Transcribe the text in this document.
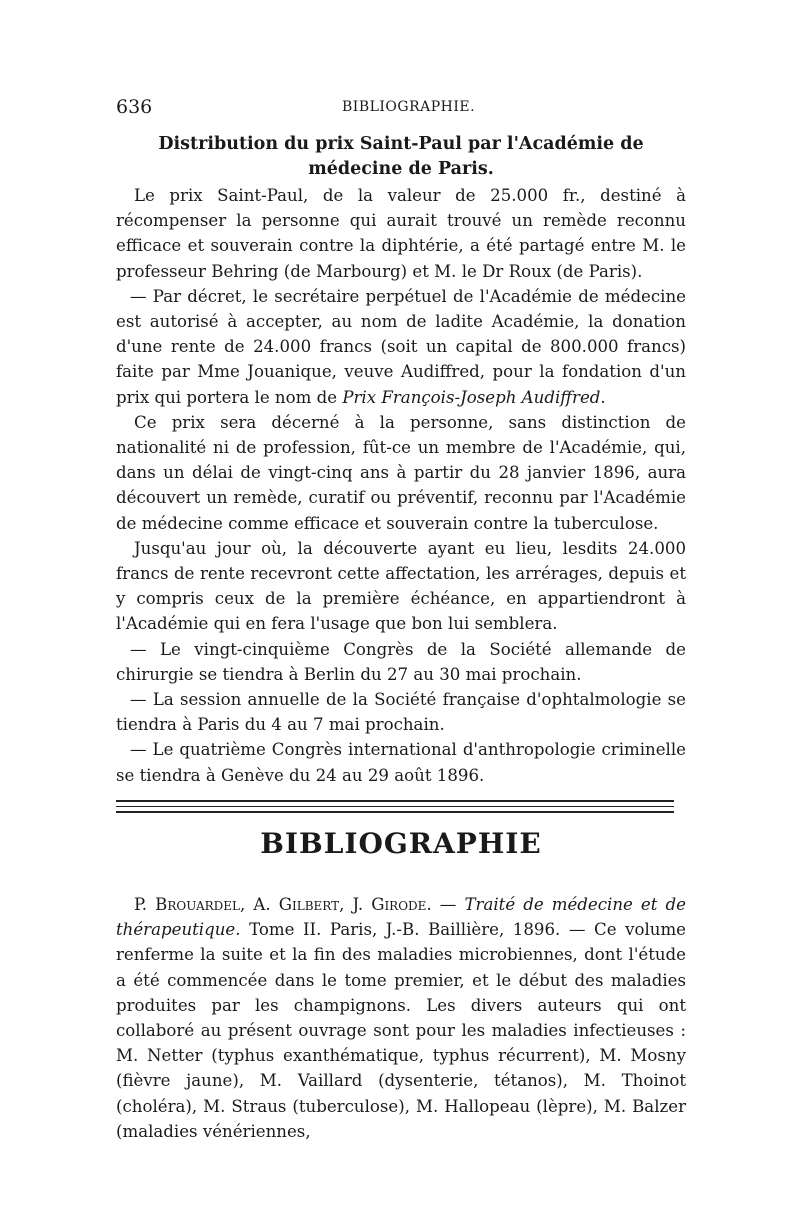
636	BIBLIOGRAPHIE.
Distribution du prix Saint-Paul par l'Académie de médecine de Paris.

Le prix Saint-Paul, de la valeur de 25.000 fr., destiné à récompenser la personne qui aurait trouvé un remède reconnu efficace et souverain contre la diphtérie, a été partagé entre M. le professeur Behring (de Marbourg) et M. le Dr Roux (de Paris).

— Par décret, le secrétaire perpétuel de l'Académie de médecine est autorisé à accepter, au nom de ladite Académie, la donation d'une rente de 24.000 francs (soit un capital de 800.000 francs) faite par Mme Jouanique, veuve Audiffred, pour la fondation d'un prix qui portera le nom de Prix François-Joseph Audiffred.

Ce prix sera décerné à la personne, sans distinction de nationalité ni de profession, fût-ce un membre de l'Académie, qui, dans un délai de vingt-cinq ans à partir du 28 janvier 1896, aura découvert un remède, curatif ou préventif, reconnu par l'Académie de médecine comme efficace et souverain contre la tuberculose.

Jusqu'au jour où, la découverte ayant eu lieu, lesdits 24.000 francs de rente recevront cette affectation, les arrérages, depuis et y compris ceux de la première échéance, en appartiendront à l'Académie qui en fera l'usage que bon lui semblera.

— Le vingt-cinquième Congrès de la Société allemande de chirurgie se tiendra à Berlin du 27 au 30 mai prochain.

— La session annuelle de la Société française d'ophtalmologie se tiendra à Paris du 4 au 7 mai prochain.

— Le quatrième Congrès international d'anthropologie criminelle se tiendra à Genève du 24 au 29 août 1896.

BIBLIOGRAPHIE

P. Brouardel, A. Gilbert, J. Girode. — Traité de médecine et de thérapeutique. Tome II. Paris, J.-B. Baillière, 1896. — Ce volume renferme la suite et la fin des maladies microbiennes, dont l'étude a été commencée dans le tome premier, et le début des maladies produites par les champignons. Les divers auteurs qui ont collaboré au présent ouvrage sont pour les maladies infectieuses : M. Netter (typhus exanthématique, typhus récurrent), M. Mosny (fièvre jaune), M. Vaillard (dysenterie, tétanos), M. Thoinot (choléra), M. Straus (tuberculose), M. Hallopeau (lèpre), M. Balzer (maladies vénériennes,
